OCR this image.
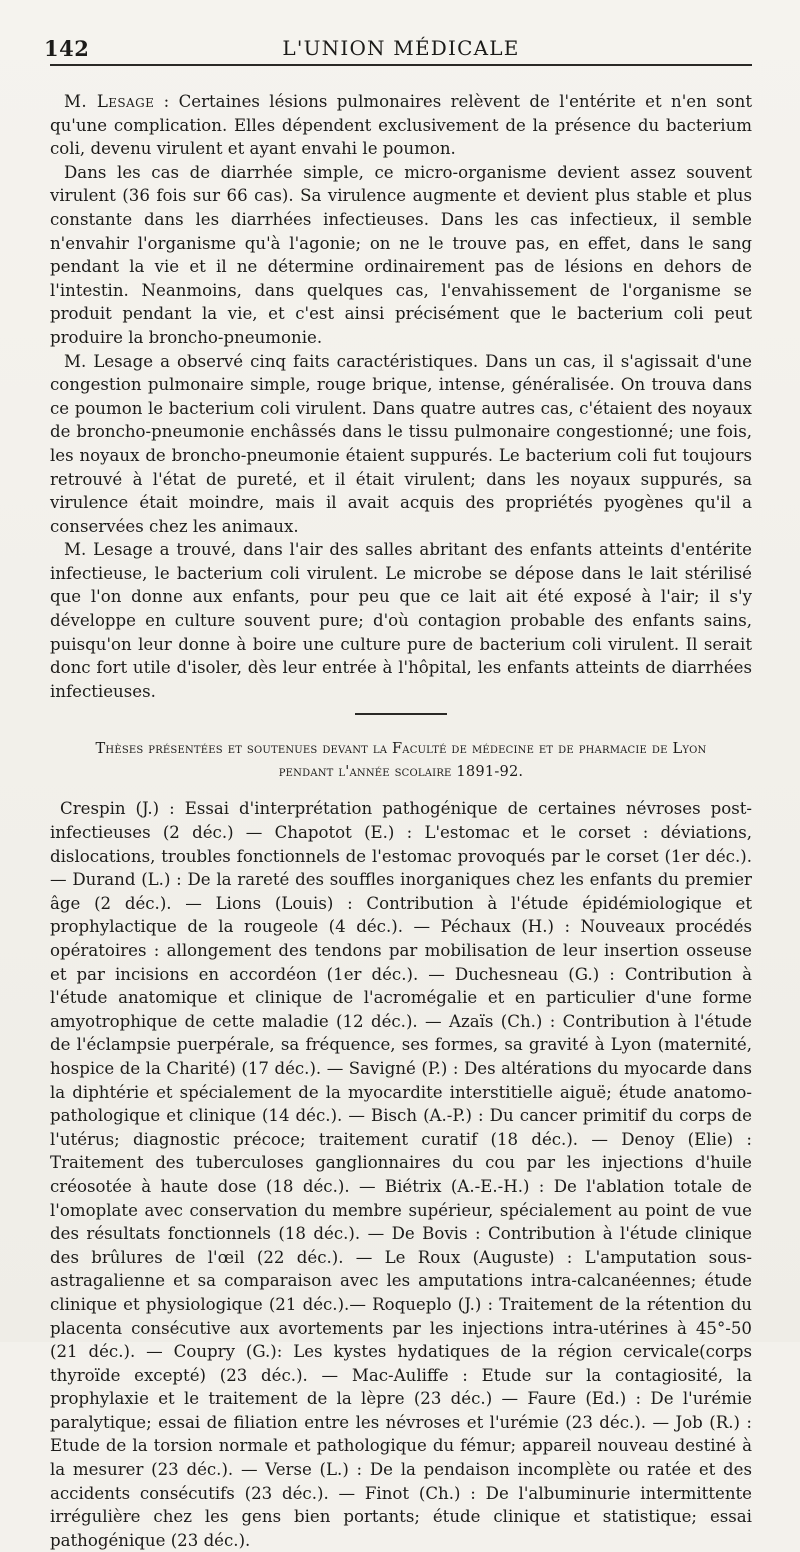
142	L'UNION MÉDICALE

M. Lesage : Certaines lésions pulmonaires relèvent de l'entérite et n'en sont qu'une complication. Elles dépendent exclusivement de la présence du bacterium coli, devenu virulent et ayant envahi le poumon.

Dans les cas de diarrhée simple, ce micro-organisme devient assez souvent virulent (36 fois sur 66 cas). Sa virulence augmente et devient plus stable et plus constante dans les diarrhées infectieuses. Dans les cas infectieux, il semble n'envahir l'organisme qu'à l'agonie; on ne le trouve pas, en effet, dans le sang pendant la vie et il ne détermine ordinairement pas de lésions en dehors de l'intestin. Neanmoins, dans quelques cas, l'envahissement de l'organisme se produit pendant la vie, et c'est ainsi précisément que le bacterium coli peut produire la broncho-pneumonie.

M. Lesage a observé cinq faits caractéristiques. Dans un cas, il s'agissait d'une congestion pulmonaire simple, rouge brique, intense, généralisée. On trouva dans ce poumon le bacterium coli virulent. Dans quatre autres cas, c'étaient des noyaux de broncho-pneumonie enchâssés dans le tissu pulmonaire congestionné; une fois, les noyaux de broncho-pneumonie étaient suppurés. Le bacterium coli fut toujours retrouvé à l'état de pureté, et il était virulent; dans les noyaux suppurés, sa virulence était moindre, mais il avait acquis des propriétés pyogènes qu'il a conservées chez les animaux.

M. Lesage a trouvé, dans l'air des salles abritant des enfants atteints d'entérite infectieuse, le bacterium coli virulent. Le microbe se dépose dans le lait stérilisé que l'on donne aux enfants, pour peu que ce lait ait été exposé à l'air; il s'y développe en culture souvent pure; d'où contagion probable des enfants sains, puisqu'on leur donne à boire une culture pure de bacterium coli virulent. Il serait donc fort utile d'isoler, dès leur entrée à l'hôpital, les enfants atteints de diarrhées infectieuses.

Thèses présentées et soutenues devant la Faculté de médecine et de pharmacie de Lyon
pendant l'année scolaire 1891-92.

Crespin (J.) : Essai d'interprétation pathogénique de certaines névroses post-infectieuses (2 déc.) — Chapotot (E.) : L'estomac et le corset : déviations, dislocations, troubles fonctionnels de l'estomac provoqués par le corset (1er déc.). — Durand (L.) : De la rareté des souffles inorganiques chez les enfants du premier âge (2 déc.). — Lions (Louis) : Contribution à l'étude épidémiologique et prophylactique de la rougeole (4 déc.). — Péchaux (H.) : Nouveaux procédés opératoires : allongement des tendons par mobilisation de leur insertion osseuse et par incisions en accordéon (1er déc.). — Duchesneau (G.) : Contribution à l'étude anatomique et clinique de l'acromégalie et en particulier d'une forme amyotrophique de cette maladie (12 déc.). — Azaïs (Ch.) : Contribution à l'étude de l'éclampsie puerpérale, sa fréquence, ses formes, sa gravité à Lyon (maternité, hospice de la Charité) (17 déc.). — Savigné (P.) : Des altérations du myocarde dans la diphtérie et spécialement de la myocardite interstitielle aiguë; étude anatomo-pathologique et clinique (14 déc.). — Bisch (A.-P.) : Du cancer primitif du corps de l'utérus; diagnostic précoce; traitement curatif (18 déc.). — Denoy (Elie) : Traitement des tuberculoses ganglionnaires du cou par les injections d'huile créosotée à haute dose (18 déc.). — Biétrix (A.-E.-H.) : De l'ablation totale de l'omoplate avec conservation du membre supérieur, spécialement au point de vue des résultats fonctionnels (18 déc.). — De Bovis : Contribution à l'étude clinique des brûlures de l'œil (22 déc.). — Le Roux (Auguste) : L'amputation sous-astragalienne et sa comparaison avec les amputations intra-calcanéennes; étude clinique et physiologique (21 déc.).— Roqueplo (J.) : Traitement de la rétention du placenta consécutive aux avortements par les injections intra-utérines à 45°-50 (21 déc.). — Coupry (G.): Les kystes hydatiques de la région cervicale(corps thyroïde excepté) (23 déc.). — Mac-Auliffe : Etude sur la contagiosité, la prophylaxie et le traitement de la lèpre (23 déc.) — Faure (Ed.) : De l'urémie paralytique; essai de filiation entre les névroses et l'urémie (23 déc.). — Job (R.) : Etude de la torsion normale et pathologique du fémur; appareil nouveau destiné à la mesurer (23 déc.). — Verse (L.) : De la pendaison incomplète ou ratée et des accidents consécutifs (23 déc.). — Finot (Ch.) : De l'albuminurie intermittente irrégulière chez les gens bien portants; étude clinique et statistique; essai pathogénique (23 déc.).
